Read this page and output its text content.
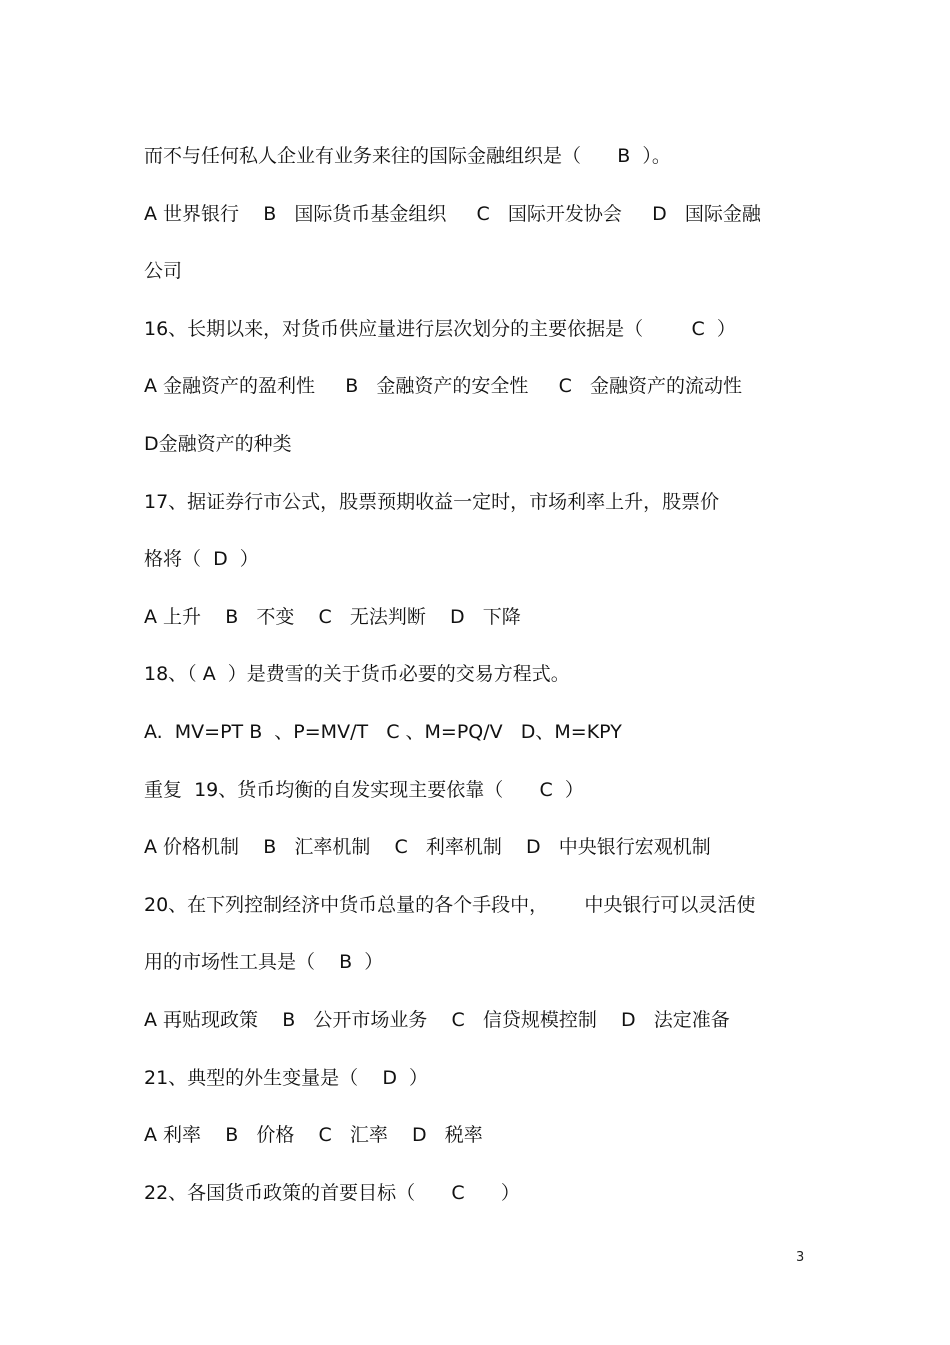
而不与任何私人企业有业务来往的国际金融组织是（      B  ）。
A 世界银行    B   国际货币基金组织     C   国际开发协会     D   国际金融
公司
16、长期以来，对货币供应量进行层次划分的主要依据是（        C  ）
A 金融资产的盈利性     B   金融资产的安全性     C   金融资产的流动性
D金融资产的种类
17、据证券行市公式，股票预期收益一定时，市场利率上升，股票价
格将（  D  ）
A 上升    B   不变    C   无法判断    D   下降
18、（ A  ）是费雪的关于货币必要的交易方程式。
A.  MV=PT B  、P=MV/T   C 、M=PQ/V   D、M=KPY
重复  19、货币均衡的自发实现主要依靠（      C  ）
A 价格机制    B   汇率机制    C   利率机制    D   中央银行宏观机制
20、在下列控制经济中货币总量的各个手段中，      中央银行可以灵活使
用的市场性工具是（    B  ）
A 再贴现政策    B   公开市场业务    C   信贷规模控制    D   法定准备
21、典型的外生变量是（    D  ）
A 利率    B   价格    C   汇率    D   税率
22、各国货币政策的首要目标（      C      ）
3
